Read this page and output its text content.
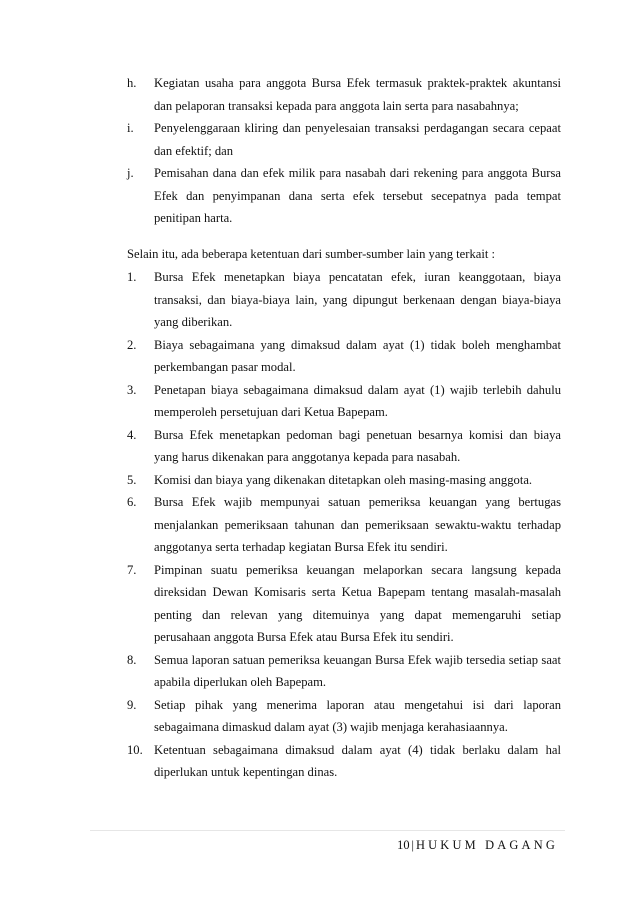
h.	Kegiatan usaha para anggota Bursa Efek termasuk praktek-praktek akuntansi dan pelaporan transaksi kepada para anggota lain serta para nasabahnya;
i.	Penyelenggaraan kliring dan penyelesaian transaksi perdagangan secara cepaat dan efektif; dan
j.	Pemisahan dana dan efek milik para nasabah dari rekening para anggota Bursa Efek dan penyimpanan dana serta efek tersebut secepatnya pada tempat penitipan harta.
Selain itu, ada beberapa ketentuan dari sumber-sumber lain yang terkait :
1.	Bursa Efek menetapkan biaya pencatatan efek, iuran keanggotaan, biaya transaksi, dan biaya-biaya lain, yang dipungut berkenaan dengan biaya-biaya yang diberikan.
2.	Biaya sebagaimana yang dimaksud dalam ayat (1) tidak boleh menghambat perkembangan pasar modal.
3.	Penetapan biaya sebagaimana dimaksud dalam ayat (1) wajib terlebih dahulu memperoleh persetujuan dari Ketua Bapepam.
4.	Bursa Efek menetapkan pedoman bagi penetuan besarnya komisi dan biaya yang harus dikenakan para anggotanya kepada para nasabah.
5.	Komisi dan biaya yang dikenakan ditetapkan oleh masing-masing anggota.
6.	Bursa Efek wajib mempunyai satuan pemeriksa keuangan yang bertugas menjalankan pemeriksaan tahunan dan pemeriksaan sewaktu-waktu terhadap anggotanya serta terhadap kegiatan Bursa Efek itu sendiri.
7.	Pimpinan suatu pemeriksa keuangan melaporkan secara langsung kepada direksidan Dewan Komisaris serta Ketua Bapepam tentang masalah-masalah penting dan relevan yang ditemuinya yang dapat memengaruhi setiap perusahaan anggota Bursa Efek atau Bursa Efek itu sendiri.
8.	Semua laporan satuan pemeriksa keuangan Bursa Efek wajib tersedia setiap saat apabila diperlukan oleh Bapepam.
9.	Setiap pihak yang menerima laporan atau mengetahui isi dari laporan sebagaimana dimaskud dalam ayat (3) wajib menjaga kerahasiaannya.
10. Ketentuan sebagaimana dimaksud dalam ayat (4) tidak berlaku dalam hal diperlukan untuk kepentingan dinas.
10 | HUKUM DAGANG
